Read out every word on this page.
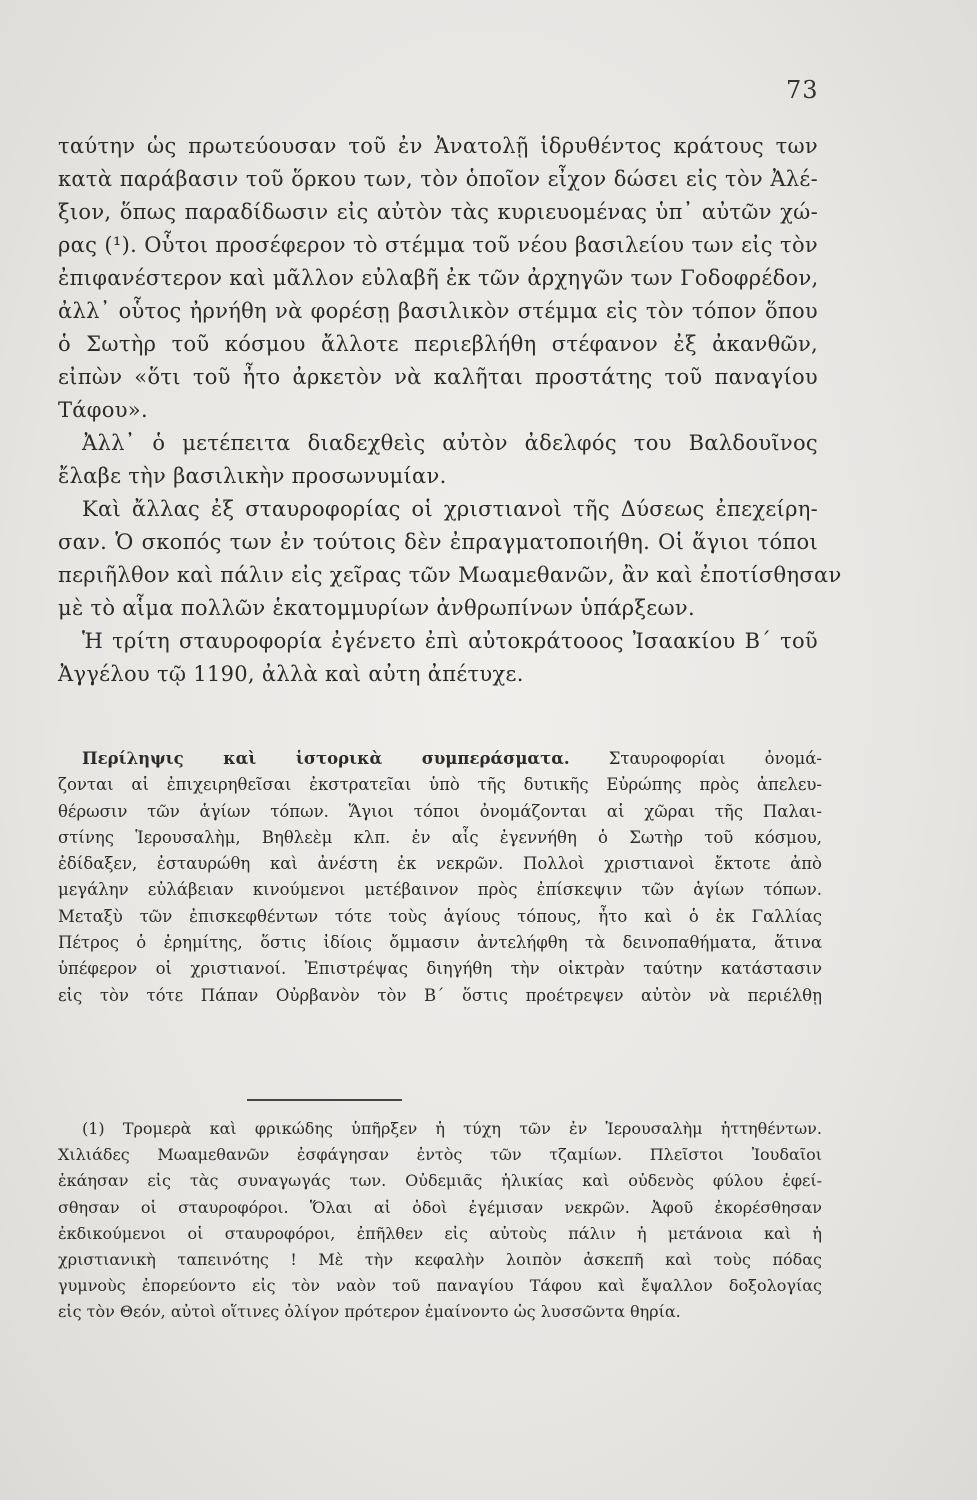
73
ταύτην ὡς πρωτεύουσαν τοῦ ἐν Ἀνατολῇ ἱδρυθέντος κράτους των
κατὰ παράβασιν τοῦ ὅρκου των, τὸν ὁποῖον εἶχον δώσει εἰς τὸν Ἀλέ-
ξιον, ὅπως παραδίδωσιν εἰς αὐτὸν τὰς κυριευομένας ὑπ᾿ αὐτῶν χώ-
ρας (¹). Οὗτοι προσέφερον τὸ στέμμα τοῦ νέου βασιλείου των εἰς τὸν
ἐπιφανέστερον καὶ μᾶλλον εὐλαβῆ ἐκ τῶν ἀρχηγῶν των Γοδοφρέδον,
ἀλλ᾿ οὗτος ἠρνήθη νὰ φορέσῃ βασιλικὸν στέμμα εἰς τὸν τόπον ὅπου
ὁ Σωτὴρ τοῦ κόσμου ἄλλοτε περιεβλήθη στέφανον ἐξ ἀκανθῶν,
εἰπὼν «ὅτι τοῦ ἦτο ἀρκετὸν νὰ καλῆται προστάτης τοῦ παναγίου
Τάφου».
Ἀλλ᾿ ὁ μετέπειτα διαδεχθεὶς αὐτὸν ἀδελφός του Βαλδουῖνος
ἔλαβε τὴν βασιλικὴν προσωνυμίαν.
Καὶ ἄλλας ἐξ σταυροφορίας οἱ χριστιανοὶ τῆς Δύσεως ἐπεχείρη-
σαν. Ὁ σκοπός των ἐν τούτοις δὲν ἐπραγματοποιήθη. Οἱ ἅγιοι τόποι
περιῆλθον καὶ πάλιν εἰς χεῖρας τῶν Μωαμεθανῶν, ἂν καὶ ἐποτίσθησαν
μὲ τὸ αἷμα πολλῶν ἑκατομμυρίων ἀνθρωπίνων ὑπάρξεων.
Ἡ τρίτη σταυροφορία ἐγένετο ἐπὶ αὐτοκράτοοος Ἰσαακίου Β΄ τοῦ
Ἀγγέλου τῷ 1190, ἀλλὰ καὶ αὐτη ἀπέτυχε.
Περίληψις καὶ ἱστορικὰ συμπεράσματα. Σταυροφορίαι ὀνομά-
ζονται αἱ ἐπιχειρηθεῖσαι ἐκστρατεῖαι ὑπὸ τῆς δυτικῆς Εὐρώπης πρὸς ἀπελευ-
θέρωσιν τῶν ἁγίων τόπων. Ἅγιοι τόποι ὀνομάζονται αἱ χῶραι τῆς Παλαι-
στίνης Ἱερουσαλὴμ, Βηθλεὲμ κλπ. ἐν αἷς ἐγεννήθη ὁ Σωτὴρ τοῦ κόσμου,
ἐδίδαξεν, ἐσταυρώθη καὶ ἀνέστη ἐκ νεκρῶν. Πολλοὶ χριστιανοὶ ἔκτοτε ἀπὸ
μεγάλην εὐλάβειαν κινούμενοι μετέβαινον πρὸς ἐπίσκεψιν τῶν ἁγίων τόπων.
Μεταξὺ τῶν ἐπισκεφθέντων τότε τοὺς ἁγίους τόπους, ἦτο καὶ ὁ ἐκ Γαλλίας
Πέτρος ὁ ἐρημίτης, ὅστις ἰδίοις ὄμμασιν ἀντελήφθη τὰ δεινοπαθήματα, ἅτινα
ὑπέφερον οἱ χριστιανοί. Ἐπιστρέψας διηγήθη τὴν οἰκτρὰν ταύτην κατάστασιν
εἰς τὸν τότε Πάπαν Οὐρβανὸν τὸν Β΄ ὅστις προέτρεψεν αὐτὸν νὰ περιέλθῃ
(1) Τρομερὰ καὶ φρικώδης ὑπῆρξεν ἡ τύχη τῶν ἐν Ἱερουσαλὴμ ἡττηθέντων.
Χιλιάδες Μωαμεθανῶν ἐσφάγησαν ἐντὸς τῶν τζαμίων. Πλεῖστοι Ἰουδαῖοι
ἐκάησαν εἰς τὰς συναγωγάς των. Οὐδεμιᾶς ἡλικίας καὶ οὐδενὸς φύλου ἐφεί-
σθησαν οἱ σταυροφόροι. Ὅλαι αἱ ὁδοὶ ἐγέμισαν νεκρῶν. Ἀφοῦ ἐκορέσθησαν
ἐκδικούμενοι οἱ σταυροφόροι, ἐπῆλθεν εἰς αὐτοὺς πάλιν ἡ μετάνοια καὶ ἡ
χριστιανικὴ ταπεινότης ! Μὲ τὴν κεφαλὴν λοιπὸν ἀσκεπῆ καὶ τοὺς πόδας
γυμνοὺς ἐπορεύοντο εἰς τὸν ναὸν τοῦ παναγίου Τάφου καὶ ἔψαλλον δοξολογίας
εἰς τὸν Θεόν, αὐτοὶ οἵτινες ὀλίγον πρότερον ἐμαίνοντο ὡς λυσσῶντα θηρία.
